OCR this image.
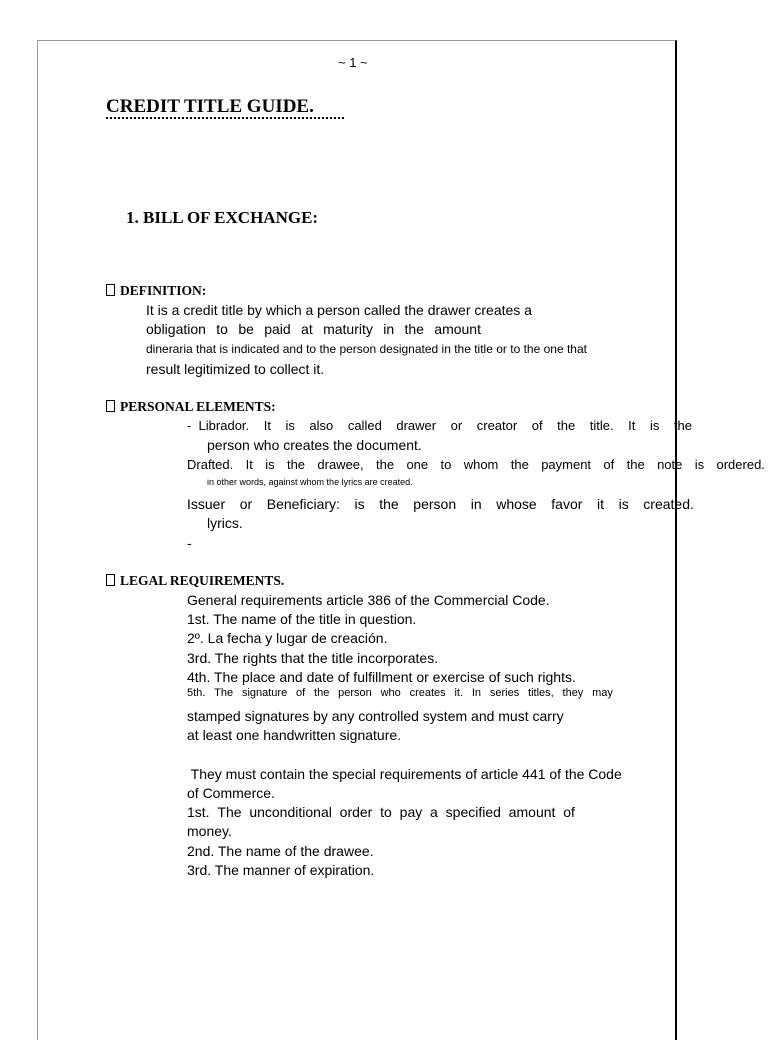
~ 1 ~
CREDIT TITLE GUIDE.
1. BILL OF EXCHANGE:
DEFINITION:
It is a credit title by which a person called the drawer creates a
obligation to be paid at maturity in the amount
dineraria that is indicated and to the person designated in the title or to the one that
result legitimized to collect it.
PERSONAL ELEMENTS:
-  Librador. It is also called drawer or creator of the title. It is the
person who creates the document.
Drafted. It is the drawee, the one to whom the payment of the note is ordered.
in other words, against whom the lyrics are created.
Issuer or Beneficiary: is the person in whose favor it is created.
lyrics.
-
LEGAL REQUIREMENTS.
General requirements article 386 of the Commercial Code.
1st. The name of the title in question.
2º. La fecha y lugar de creación.
3rd. The rights that the title incorporates.
4th. The place and date of fulfillment or exercise of such rights.
5th. The signature of the person who creates it. In series titles, they may
stamped signatures by any controlled system and must carry
at least one handwritten signature.
They must contain the special requirements of article 441 of the Code
of Commerce.
1st. The unconditional order to pay a specified amount of
money.
2nd. The name of the drawee.
3rd. The manner of expiration.
